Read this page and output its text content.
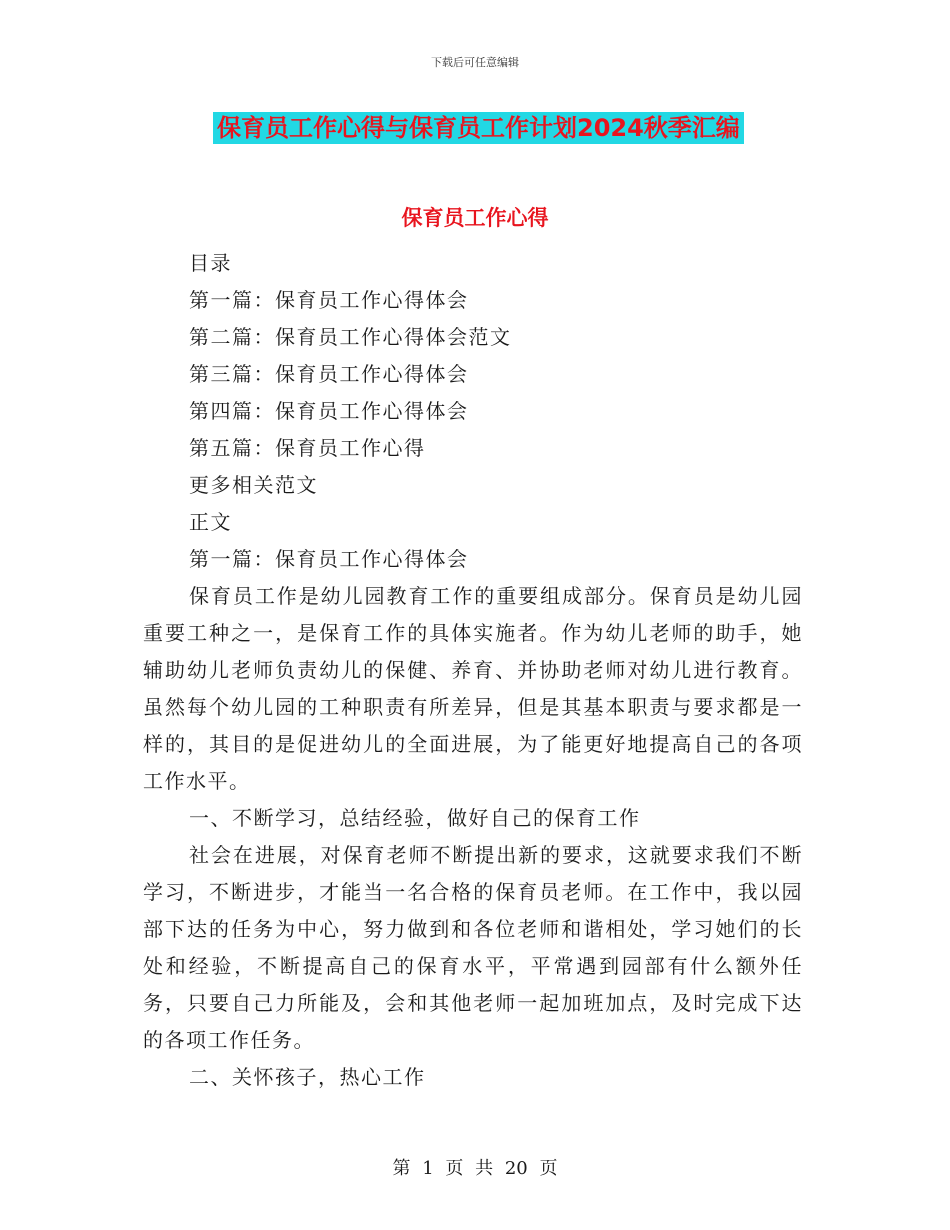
下载后可任意编辑
保育员工作心得与保育员工作计划2024秋季汇编
保育员工作心得

目录

第一篇：保育员工作心得体会

第二篇：保育员工作心得体会范文

第三篇：保育员工作心得体会

第四篇：保育员工作心得体会

第五篇：保育员工作心得

更多相关范文

正文

第一篇：保育员工作心得体会

保育员工作是幼儿园教育工作的重要组成部分。保育员是幼儿园重要工种之一，是保育工作的具体实施者。作为幼儿老师的助手，她辅助幼儿老师负责幼儿的保健、养育、并协助老师对幼儿进行教育。虽然每个幼儿园的工种职责有所差异，但是其基本职责与要求都是一样的，其目的是促进幼儿的全面进展，为了能更好地提高自己的各项工作水平。

一、不断学习，总结经验，做好自己的保育工作

社会在进展，对保育老师不断提出新的要求，这就要求我们不断学习，不断进步，才能当一名合格的保育员老师。在工作中，我以园部下达的任务为中心，努力做到和各位老师和谐相处，学习她们的长处和经验，不断提高自己的保育水平，平常遇到园部有什么额外任务，只要自己力所能及，会和其他老师一起加班加点，及时完成下达的各项工作任务。

二、关怀孩子，热心工作

第 1 页 共 20 页
